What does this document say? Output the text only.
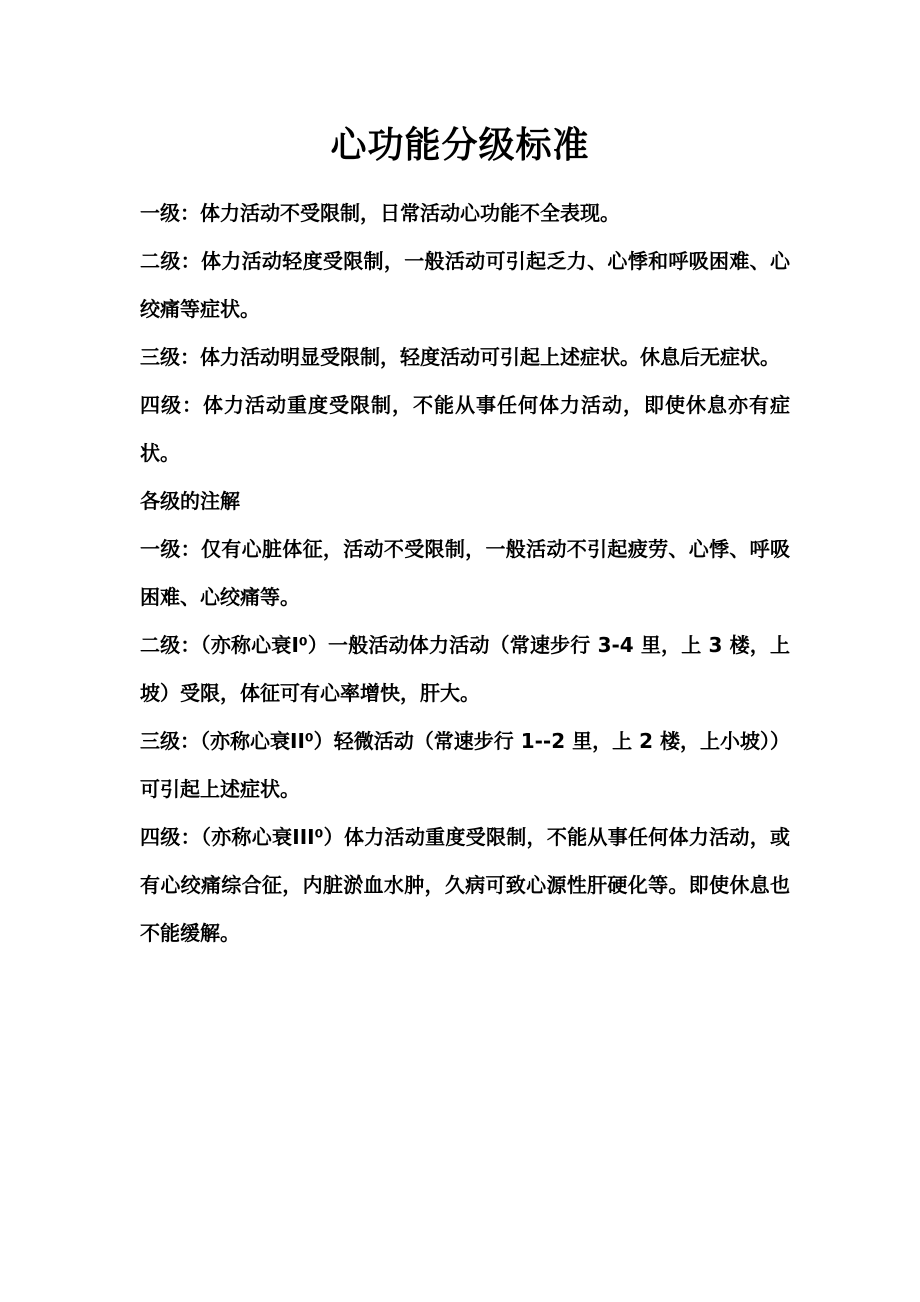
心功能分级标准

一级：体力活动不受限制，日常活动心功能不全表现。

二级：体力活动轻度受限制，一般活动可引起乏力、心悸和呼吸困难、心绞痛等症状。

三级：体力活动明显受限制，轻度活动可引起上述症状。休息后无症状。

四级：体力活动重度受限制，不能从事任何体力活动，即使休息亦有症状。

各级的注解

一级：仅有心脏体征，活动不受限制，一般活动不引起疲劳、心悸、呼吸困难、心绞痛等。

二级：（亦称心衰I⁰）一般活动体力活动（常速步行 3-4 里，上 3 楼，上坡）受限，体征可有心率增快，肝大。

三级：（亦称心衰II⁰）轻微活动（常速步行 1--2 里，上 2 楼，上小坡））可引起上述症状。

四级：（亦称心衰III⁰）体力活动重度受限制，不能从事任何体力活动，或有心绞痛综合征，内脏淤血水肿，久病可致心源性肝硬化等。即使休息也不能缓解。
